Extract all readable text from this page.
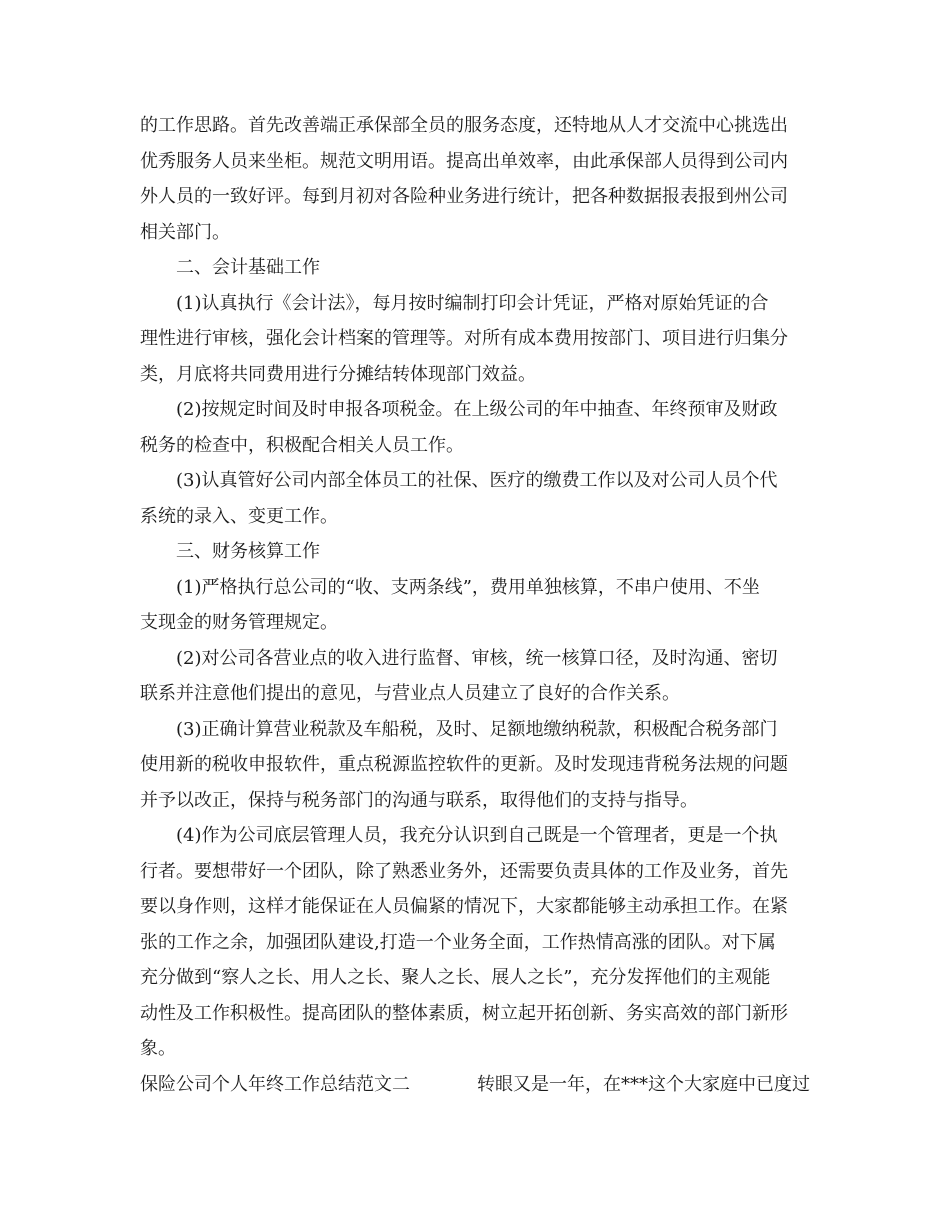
的工作思路。首先改善端正承保部全员的服务态度，还特地从人才交流中心挑选出
优秀服务人员来坐柜。规范文明用语。提高出单效率，由此承保部人员得到公司内
外人员的一致好评。每到月初对各险种业务进行统计，把各种数据报表报到州公司
相关部门。
二、会计基础工作
(1)认真执行《会计法》，每月按时编制打印会计凭证，严格对原始凭证的合
理性进行审核，强化会计档案的管理等。对所有成本费用按部门、项目进行归集分
类，月底将共同费用进行分摊结转体现部门效益。
(2)按规定时间及时申报各项税金。在上级公司的年中抽查、年终预审及财政
税务的检查中，积极配合相关人员工作。
(3)认真管好公司内部全体员工的社保、医疗的缴费工作以及对公司人员个代
系统的录入、变更工作。
三、财务核算工作
(1)严格执行总公司的“收、支两条线”，费用单独核算，不串户使用、不坐
支现金的财务管理规定。
(2)对公司各营业点的收入进行监督、审核，统一核算口径，及时沟通、密切
联系并注意他们提出的意见，与营业点人员建立了良好的合作关系。
(3)正确计算营业税款及车船税，及时、足额地缴纳税款，积极配合税务部门
使用新的税收申报软件，重点税源监控软件的更新。及时发现违背税务法规的问题
并予以改正，保持与税务部门的沟通与联系，取得他们的支持与指导。
(4)作为公司底层管理人员，我充分认识到自己既是一个管理者，更是一个执
行者。要想带好一个团队，除了熟悉业务外，还需要负责具体的工作及业务，首先
要以身作则，这样才能保证在人员偏紧的情况下，大家都能够主动承担工作。在紧
张的工作之余，加强团队建设,打造一个业务全面，工作热情高涨的团队。对下属
充分做到“察人之长、用人之长、聚人之长、展人之长”，充分发挥他们的主观能
动性及工作积极性。提高团队的整体素质，树立起开拓创新、务实高效的部门新形
象。
保险公司个人年终工作总结范文二	转眼又是一年，在***这个大家庭中已度过
